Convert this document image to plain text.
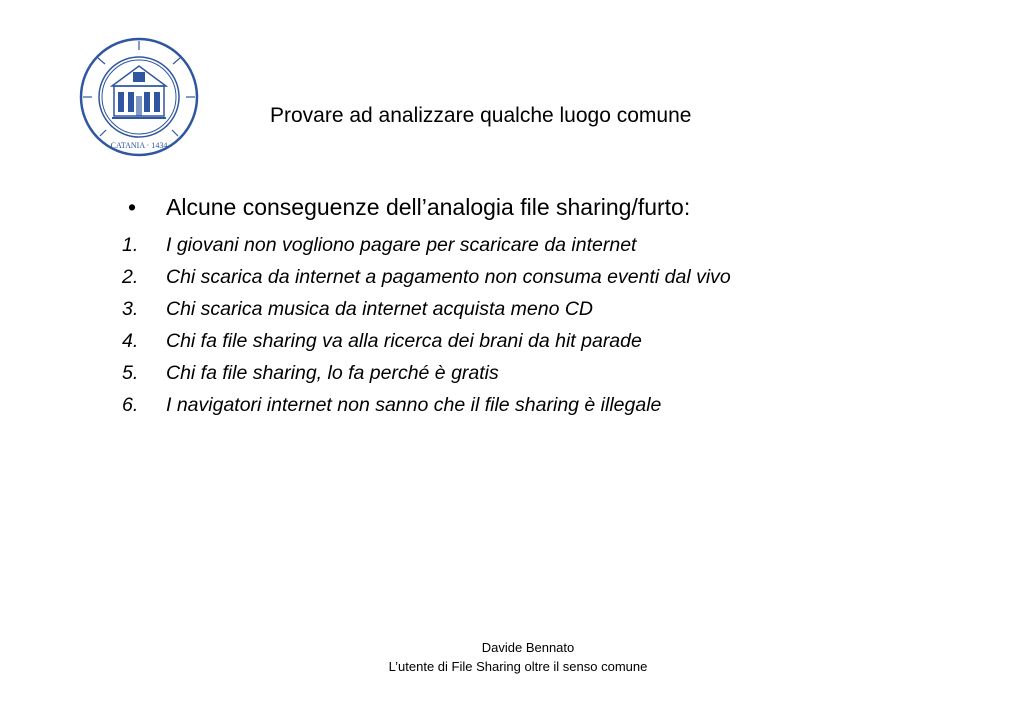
CATANIA · 1434
Provare ad analizzare qualche luogo comune
• Alcune conseguenze dell’analogia file sharing/furto:
1. I giovani non vogliono pagare per scaricare da internet
2. Chi scarica da internet a pagamento non consuma eventi dal vivo
3. Chi scarica musica da internet acquista meno CD
4. Chi fa file sharing va alla ricerca dei brani da hit parade
5. Chi fa file sharing, lo fa perché è gratis
6. I navigatori internet non sanno che il file sharing è illegale
Davide Bennato
L’utente di File Sharing oltre il senso comune
